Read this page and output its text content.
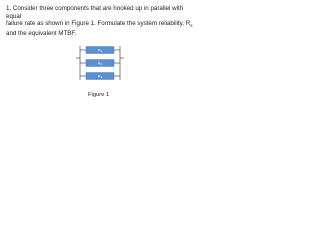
1. Consider three components that are hooked up in parallel with equal
failure rate as shown in Figure 1. Formulate the system reliability, $R_s$
and the equivalent MTBF.
R₁
R₂
R₃
Figure 1
